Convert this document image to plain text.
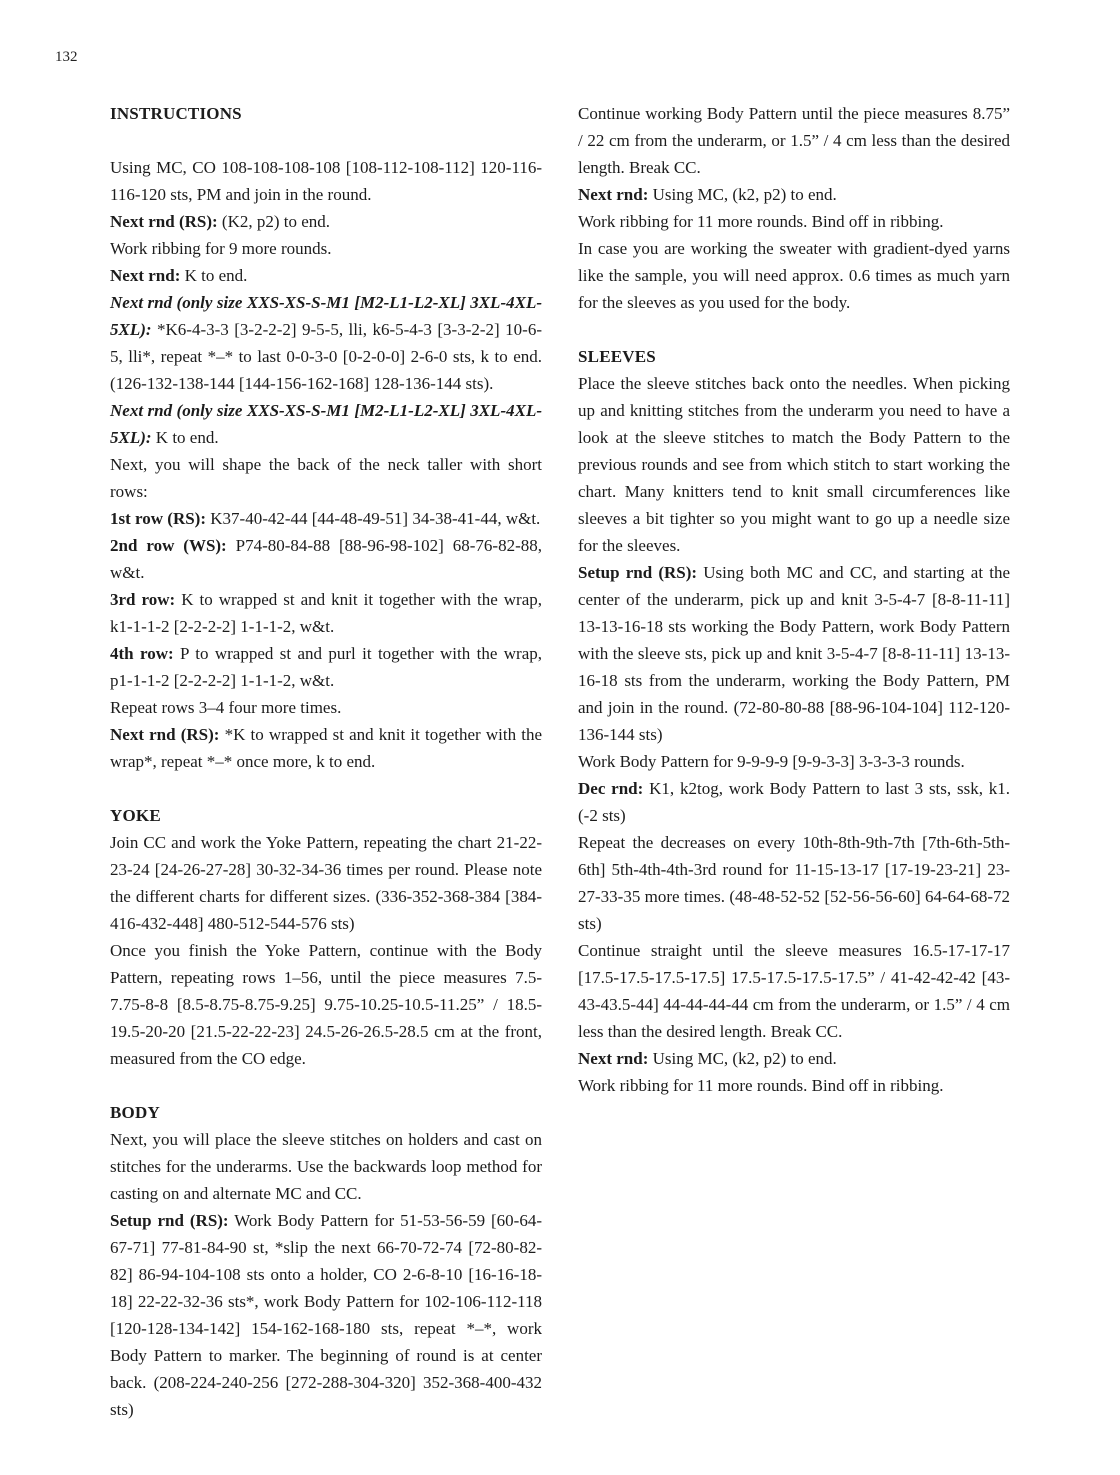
132
INSTRUCTIONS

Using MC, CO 108-108-108-108 [108-112-108-112] 120-116-116-120 sts, PM and join in the round.

Next rnd (RS): (K2, p2) to end.

Work ribbing for 9 more rounds.

Next rnd: K to end.

Next rnd (only size XXS-XS-S-M1 [M2-L1-L2-XL] 3XL-4XL-5XL): *K6-4-3-3 [3-2-2-2] 9-5-5, lli, k6-5-4-3 [3-3-2-2] 10-6-5, lli*, repeat *–* to last 0-0-3-0 [0-2-0-0] 2-6-0 sts, k to end. (126-132-138-144 [144-156-162-168] 128-136-144 sts).

Next rnd (only size XXS-XS-S-M1 [M2-L1-L2-XL] 3XL-4XL-5XL): K to end.

Next, you will shape the back of the neck taller with short rows:

1st row (RS): K37-40-42-44 [44-48-49-51] 34-38-41-44, w&t.

2nd row (WS): P74-80-84-88 [88-96-98-102] 68-76-82-88, w&t.

3rd row: K to wrapped st and knit it together with the wrap, k1-1-1-2 [2-2-2-2] 1-1-1-2, w&t.

4th row: P to wrapped st and purl it together with the wrap, p1-1-1-2 [2-2-2-2] 1-1-1-2, w&t.

Repeat rows 3–4 four more times.

Next rnd (RS): *K to wrapped st and knit it together with the wrap*, repeat *–* once more, k to end.

YOKE

Join CC and work the Yoke Pattern, repeating the chart 21-22-23-24 [24-26-27-28] 30-32-34-36 times per round. Please note the different charts for different sizes. (336-352-368-384 [384-416-432-448] 480-512-544-576 sts)

Once you finish the Yoke Pattern, continue with the Body Pattern, repeating rows 1–56, until the piece measures 7.5-7.75-8-8 [8.5-8.75-8.75-9.25] 9.75-10.25-10.5-11.25” / 18.5-19.5-20-20 [21.5-22-22-23] 24.5-26-26.5-28.5 cm at the front, measured from the CO edge.

BODY

Next, you will place the sleeve stitches on holders and cast on stitches for the underarms. Use the backwards loop method for casting on and alternate MC and CC.

Setup rnd (RS): Work Body Pattern for 51-53-56-59 [60-64-67-71] 77-81-84-90 st, *slip the next 66-70-72-74 [72-80-82-82] 86-94-104-108 sts onto a holder, CO 2-6-8-10 [16-16-18-18] 22-22-32-36 sts*, work Body Pattern for 102-106-112-118 [120-128-134-142] 154-162-168-180 sts, repeat *–*, work Body Pattern to marker. The beginning of round is at center back. (208-224-240-256 [272-288-304-320] 352-368-400-432 sts)

Continue working Body Pattern until the piece measures 8.75” / 22 cm from the underarm, or 1.5” / 4 cm less than the desired length. Break CC.

Next rnd: Using MC, (k2, p2) to end.

Work ribbing for 11 more rounds. Bind off in ribbing.

In case you are working the sweater with gradient-dyed yarns like the sample, you will need approx. 0.6 times as much yarn for the sleeves as you used for the body.

SLEEVES

Place the sleeve stitches back onto the needles. When picking up and knitting stitches from the underarm you need to have a look at the sleeve stitches to match the Body Pattern to the previous rounds and see from which stitch to start working the chart. Many knitters tend to knit small circumferences like sleeves a bit tighter so you might want to go up a needle size for the sleeves.

Setup rnd (RS): Using both MC and CC, and starting at the center of the underarm, pick up and knit 3-5-4-7 [8-8-11-11] 13-13-16-18 sts working the Body Pattern, work Body Pattern with the sleeve sts, pick up and knit 3-5-4-7 [8-8-11-11] 13-13-16-18 sts from the underarm, working the Body Pattern, PM and join in the round. (72-80-80-88 [88-96-104-104] 112-120-136-144 sts)

Work Body Pattern for 9-9-9-9 [9-9-3-3] 3-3-3-3 rounds.

Dec rnd: K1, k2tog, work Body Pattern to last 3 sts, ssk, k1. (-2 sts)

Repeat the decreases on every 10th-8th-9th-7th [7th-6th-5th-6th] 5th-4th-4th-3rd round for 11-15-13-17 [17-19-23-21] 23-27-33-35 more times. (48-48-52-52 [52-56-56-60] 64-64-68-72 sts)

Continue straight until the sleeve measures 16.5-17-17-17 [17.5-17.5-17.5-17.5] 17.5-17.5-17.5-17.5” / 41-42-42-42 [43-43-43.5-44] 44-44-44-44 cm from the underarm, or 1.5” / 4 cm less than the desired length. Break CC.

Next rnd: Using MC, (k2, p2) to end.

Work ribbing for 11 more rounds. Bind off in ribbing.
